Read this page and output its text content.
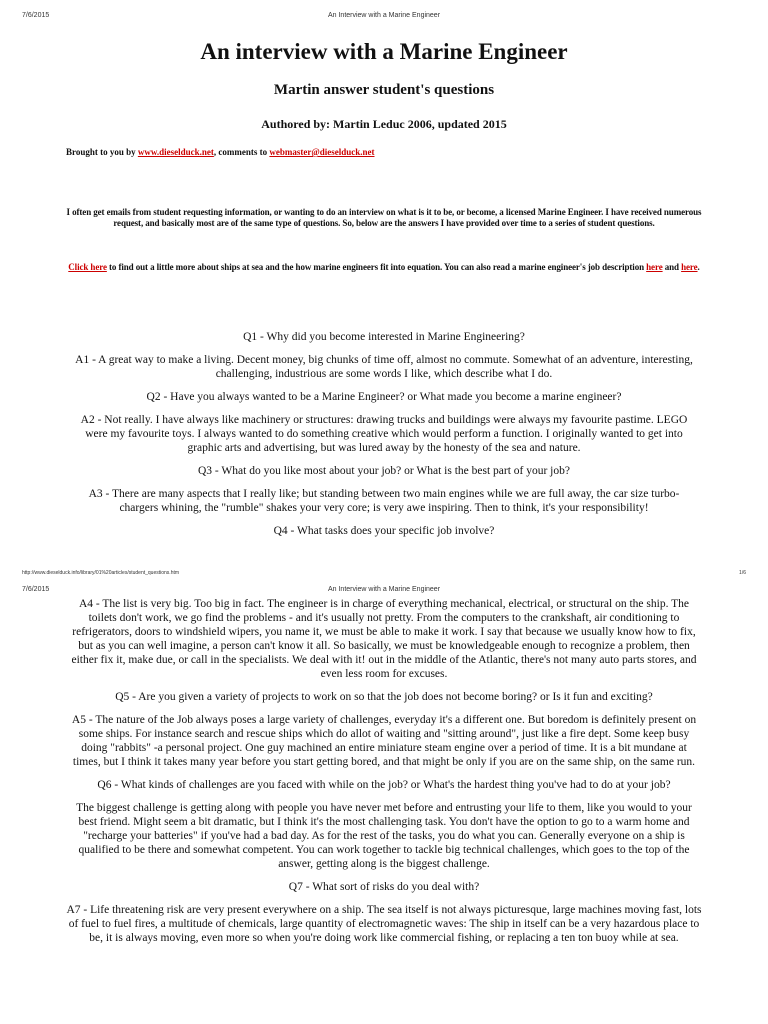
7/6/2015	An Interview with a Marine Engineer
An interview with a Marine Engineer
Martin answer student's questions
Authored by: Martin Leduc 2006, updated 2015
Brought to you by www.dieselduck.net, comments to webmaster@dieselduck.net
I often get emails from student requesting information, or wanting to do an interview on what is it to be, or become, a licensed Marine Engineer. I have received numerous request, and basically most are of the same type of questions. So, below are the answers I have provided over time to a series of student questions.
Click here to find out a little more about ships at sea and the how marine engineers fit into equation. You can also read a marine engineer's job description here and here.

Q1 - Why did you become interested in Marine Engineering?

A1 - A great way to make a living. Decent money, big chunks of time off, almost no commute. Somewhat of an adventure, interesting, challenging, industrious are some words I like, which describe what I do.

Q2 - Have you always wanted to be a Marine Engineer? or What made you become a marine engineer?

A2 - Not really. I have always like machinery or structures: drawing trucks and buildings were always my favourite pastime. LEGO were my favourite toys. I always wanted to do something creative which would perform a function. I originally wanted to get into graphic arts and advertising, but was lured away by the honesty of the sea and nature.

Q3 - What do you like most about your job? or What is the best part of your job?

A3 - There are many aspects that I really like; but standing between two main engines while we are full away, the car size turbo-chargers whining, the "rumble" shakes your very core; is very awe inspiring. Then to think, it's your responsibility!

Q4 - What tasks does your specific job involve?

http://www.dieselduck.info/library/01%20articles/student_questions.htm	1/6
7/6/2015	An Interview with a Marine Engineer

A4 - The list is very big. Too big in fact. The engineer is in charge of everything mechanical, electrical, or structural on the ship. The toilets don't work, we go find the problems - and it's usually not pretty. From the computers to the crankshaft, air conditioning to refrigerators, doors to windshield wipers, you name it, we must be able to make it work. I say that because we usually know how to fix, but as you can well imagine, a person can't know it all. So basically, we must be knowledgeable enough to recognize a problem, then either fix it, make due, or call in the specialists. We deal with it! out in the middle of the Atlantic, there's not many auto parts stores, and even less room for excuses.

Q5 - Are you given a variety of projects to work on so that the job does not become boring? or Is it fun and exciting?

A5 - The nature of the Job always poses a large variety of challenges, everyday it's a different one. But boredom is definitely present on some ships. For instance search and rescue ships which do allot of waiting and "sitting around", just like a fire dept. Some keep busy doing "rabbits" -a personal project. One guy machined an entire miniature steam engine over a period of time. It is a bit mundane at times, but I think it takes many year before you start getting bored, and that might be only if you are on the same ship, on the same run.

Q6 - What kinds of challenges are you faced with while on the job? or What's the hardest thing you've had to do at your job?

The biggest challenge is getting along with people you have never met before and entrusting your life to them, like you would to your best friend. Might seem a bit dramatic, but I think it's the most challenging task. You don't have the option to go to a warm home and "recharge your batteries" if you've had a bad day. As for the rest of the tasks, you do what you can. Generally everyone on a ship is qualified to be there and somewhat competent. You can work together to tackle big technical challenges, which goes to the top of the answer, getting along is the biggest challenge.

Q7 - What sort of risks do you deal with?

A7 - Life threatening risk are very present everywhere on a ship. The sea itself is not always picturesque, large machines moving fast, lots of fuel to fuel fires, a multitude of chemicals, large quantity of electromagnetic waves: The ship in itself can be a very hazardous place to be, it is always moving, even more so when you're doing work like commercial fishing, or replacing a ten ton buoy while at sea.
